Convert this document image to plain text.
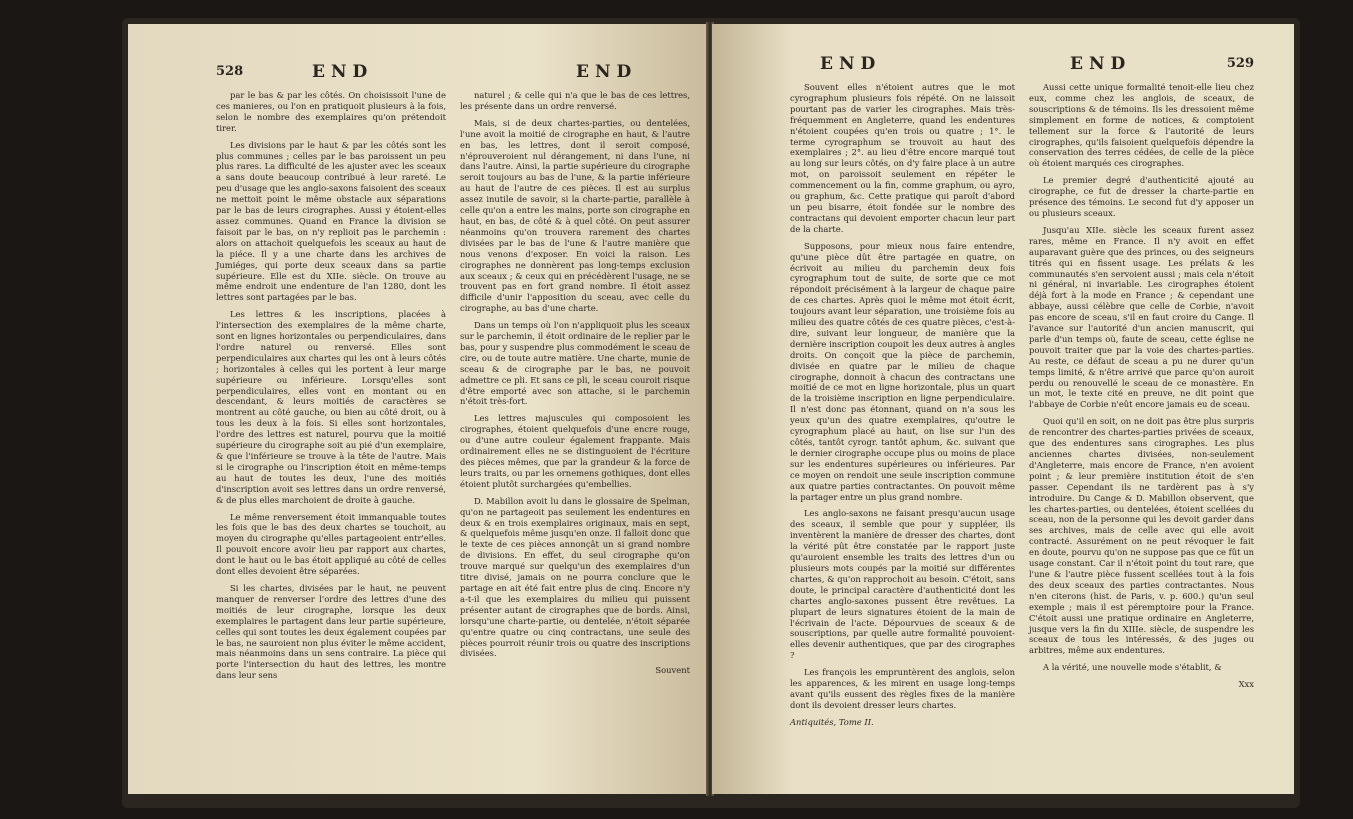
528	END	END

par le bas & par les côtés. On choisissoit l'une de ces manieres, ou l'on en pratiquoit plusieurs à la fois, selon le nombre des exemplaires qu'on prétendoit tirer.

Les divisions par le haut & par les côtés sont les plus communes ; celles par le bas paroissent un peu plus rares. La difficulté de les ajuster avec les sceaux a sans doute beaucoup contribué à leur rareté. Le peu d'usage que les anglo-saxons faisoient des sceaux ne mettoit point le même obstacle aux séparations par le bas de leurs cirographes. Aussi y étoient-elles assez communes. Quand en France la division se faisoit par le bas, on n'y replioit pas le parchemin : alors on attachoit quelquefois les sceaux au haut de la piéce. Il y a une charte dans les archives de Jumiéges, qui porte deux sceaux dans sa partie supérieure. Elle est du XIIe. siècle. On trouve au même endroit une endenture de l'an 1280, dont les lettres sont partagées par le bas.

Les lettres & les inscriptions, placées à l'intersection des exemplaires de la même charte, sont en lignes horizontales ou perpendiculaires, dans l'ordre naturel ou renversé. Elles sont perpendiculaires aux chartes qui les ont à leurs côtés ; horizontales à celles qui les portent à leur marge supérieure ou inférieure. Lorsqu'elles sont perpendiculaires, elles vont en montant ou en descendant, & leurs moitiés de caractères se montrent au côté gauche, ou bien au côté droit, ou à tous les deux à la fois. Si elles sont horizontales, l'ordre des lettres est naturel, pourvu que la moitié supérieure du cirographe soit au pié d'un exemplaire, & que l'inférieure se trouve à la tête de l'autre. Mais si le cirographe ou l'inscription étoit en même-temps au haut de toutes les deux, l'une des moitiés d'inscription avoit ses lettres dans un ordre renversé, & de plus elles marchoient de droite à gauche.

Le même renversement étoit immanquable toutes les fois que le bas des deux chartes se touchoit, au moyen du cirographe qu'elles partageoient entr'elles. Il pouvoit encore avoir lieu par rapport aux chartes, dont le haut ou le bas étoit appliqué au côté de celles dont elles devoient être séparées.

Si les chartes, divisées par le haut, ne peuvent manquer de renverser l'ordre des lettres d'une des moitiés de leur cirographe, lorsque les deux exemplaires le partagent dans leur partie supérieure, celles qui sont toutes les deux également coupées par le bas, ne sauroient non plus éviter le même accident, mais néanmoins dans un sens contraire. La pièce qui porte l'intersection du haut des lettres, les montre dans leur sens

naturel ; & celle qui n'a que le bas de ces lettres, les présente dans un ordre renversé.

Mais, si de deux chartes-parties, ou dentelées, l'une avoit la moitié de cirographe en haut, & l'autre en bas, les lettres, dont il seroit composé, n'éprouveroient nul dérangement, ni dans l'une, ni dans l'autre. Ainsi, la partie supérieure du cirographe seroit toujours au bas de l'une, & la partie inférieure au haut de l'autre de ces pièces. Il est au surplus assez inutile de savoir, si la charte-partie, parallèle à celle qu'on a entre les mains, porte son cirographe en haut, en bas, de côté & à quel côté. On peut assurer néanmoins qu'on trouvera rarement des chartes divisées par le bas de l'une & l'autre manière que nous venons d'exposer. En voici la raison. Les cirographes ne donnèrent pas long-temps exclusion aux sceaux ; & ceux qui en précédèrent l'usage, ne se trouvent pas en fort grand nombre. Il étoit assez difficile d'unir l'apposition du sceau, avec celle du cirographe, au bas d'une charte.

Dans un temps où l'on n'appliquoit plus les sceaux sur le parchemin, il étoit ordinaire de le replier par le bas, pour y suspendre plus commodément le sceau de cire, ou de toute autre matière. Une charte, munie de sceau & de cirographe par le bas, ne pouvoit admettre ce pli. Et sans ce pli, le sceau couroit risque d'être emporté avec son attache, si le parchemin n'étoit très-fort.

Les lettres majuscules qui composoient les cirographes, étoient quelquefois d'une encre rouge, ou d'une autre couleur également frappante. Mais ordinairement elles ne se distinguoient de l'écriture des pièces mêmes, que par la grandeur & la force de leurs traits, ou par les ornemens gothiques, dont elles étoient plutôt surchargées qu'embellies.

D. Mabillon avoit lu dans le glossaire de Spelman, qu'on ne partageoit pas seulement les endentures en deux & en trois exemplaires originaux, mais en sept, & quelquefois même jusqu'en onze. Il falloit donc que le texte de ces pièces annonçât un si grand nombre de divisions. En effet, du seul cirographe qu'on trouve marqué sur quelqu'un des exemplaires d'un titre divisé, jamais on ne pourra conclure que le partage en ait été fait entre plus de cinq. Encore n'y a-t-il que les exemplaires du milieu qui puissent présenter autant de cirographes que de bords. Ainsi, lorsqu'une charte-partie, ou dentelée, n'étoit séparée qu'entre quatre ou cinq contractans, une seule des pièces pourroit réunir trois ou quatre des inscriptions divisées.

Souvent
END	END	529

Souvent elles n'étoient autres que le mot cyrographum plusieurs fois répété. On ne laissoit pourtant pas de varier les cirographes. Mais très-fréquemment en Angleterre, quand les endentures n'étoient coupées qu'en trois ou quatre ; 1°. le terme cyrographum se trouvoit au haut des exemplaires ; 2°. au lieu d'être encore marqué tout au long sur leurs côtés, on d'y faire place à un autre mot, on paroissoit seulement en répéter le commencement ou la fin, comme graphum, ou ayro, ou graphum, &c. Cette pratique qui paroît d'abord un peu bisarre, étoit fondée sur le nombre des contractans qui devoient emporter chacun leur part de la charte.

Supposons, pour mieux nous faire entendre, qu'une pièce dût être partagée en quatre, on écrivoit au milieu du parchemin deux fois cyrographum tout de suite, de sorte que ce mot répondoit précisément à la largeur de chaque paire de ces chartes. Après quoi le même mot étoit écrit, toujours avant leur séparation, une troisième fois au milieu des quatre côtés de ces quatre pièces, c'est-à-dire, suivant leur longueur, de manière que la dernière inscription coupoit les deux autres à angles droits. On conçoit que la pièce de parchemin, divisée en quatre par le milieu de chaque cirographe, donnoit à chacun des contractans une moitié de ce mot en ligne horizontale, plus un quart de la troisième inscription en ligne perpendiculaire. Il n'est donc pas étonnant, quand on n'a sous les yeux qu'un des quatre exemplaires, qu'outre le cyrographum placé au haut, on lise sur l'un des côtés, tantôt cyrogr. tantôt aphum, &c. suivant que le dernier cirographe occupe plus ou moins de place sur les endentures supérieures ou inférieures. Par ce moyen on rendoit une seule inscription commune aux quatre parties contractantes. On pouvoit même la partager entre un plus grand nombre.

Les anglo-saxons ne faisant presqu'aucun usage des sceaux, il semble que pour y suppléer, ils inventèrent la manière de dresser des chartes, dont la vérité pût être constatée par le rapport juste qu'auroient ensemble les traits des lettres d'un ou plusieurs mots coupés par la moitié sur différentes chartes, & qu'on rapprochoit au besoin. C'étoit, sans doute, le principal caractère d'authenticité dont les chartes anglo-saxones pussent être revêtues. La plupart de leurs signatures étoient de la main de l'écrivain de l'acte. Dépourvues de sceaux & de souscriptions, par quelle autre formalité pouvoient-elles devenir authentiques, que par des cirographes ?

Les françois les empruntèrent des anglois, selon les apparences, & les mirent en usage long-temps avant qu'ils eussent des règles fixes de la manière dont ils devoient dresser leurs chartes.

Antiquités, Tome II.

Aussi cette unique formalité tenoit-elle lieu chez eux, comme chez les anglois, de sceaux, de souscriptions & de témoins. Ils les dressoient même simplement en forme de notices, & comptoient tellement sur la force & l'autorité de leurs cirographes, qu'ils faisoient quelquefois dépendre la conservation des terres cédées, de celle de la pièce où étoient marqués ces cirographes.

Le premier degré d'authenticité ajouté au cirographe, ce fut de dresser la charte-partie en présence des témoins. Le second fut d'y apposer un ou plusieurs sceaux.

Jusqu'au XIIe. siècle les sceaux furent assez rares, même en France. Il n'y avoit en effet auparavant guère que des princes, ou des seigneurs titrés qui en fissent usage. Les prélats & les communautés s'en servoient aussi ; mais cela n'étoit ni général, ni invariable. Les cirographes étoient déjà fort à la mode en France ; & cependant une abbaye, aussi célèbre que celle de Corbie, n'avoit pas encore de sceau, s'il en faut croire du Cange. Il l'avance sur l'autorité d'un ancien manuscrit, qui parle d'un temps où, faute de sceau, cette église ne pouvoit traiter que par la voie des chartes-parties. Au reste, ce défaut de sceau a pu ne durer qu'un temps limité, & n'être arrivé que parce qu'on auroit perdu ou renouvellé le sceau de ce monastère. En un mot, le texte cité en preuve, ne dit point que l'abbaye de Corbie n'eût encore jamais eu de sceau.

Quoi qu'il en soit, on ne doit pas être plus surpris de rencontrer des chartes-parties privées de sceaux, que des endentures sans cirographes. Les plus anciennes chartes divisées, non-seulement d'Angleterre, mais encore de France, n'en avoient point ; & leur première institution étoit de s'en passer. Cependant ils ne tardèrent pas à s'y introduire. Du Cange & D. Mabillon observent, que les chartes-parties, ou dentelées, étoient scellées du sceau, non de la personne qui les devoit garder dans ses archives, mais de celle avec qui elle avoit contracté. Assurément on ne peut révoquer le fait en doute, pourvu qu'on ne suppose pas que ce fût un usage constant. Car il n'étoit point du tout rare, que l'une & l'autre pièce fussent scellées tout à la fois des deux sceaux des parties contractantes. Nous n'en citerons (hist. de Paris, v. p. 600.) qu'un seul exemple ; mais il est péremptoire pour la France. C'étoit aussi une pratique ordinaire en Angleterre, jusque vers la fin du XIIIe. siècle, de suspendre les sceaux de tous les intéressés, & des juges ou arbitres, même aux endentures.

A la vérité, une nouvelle mode s'établit, &

Xxx
